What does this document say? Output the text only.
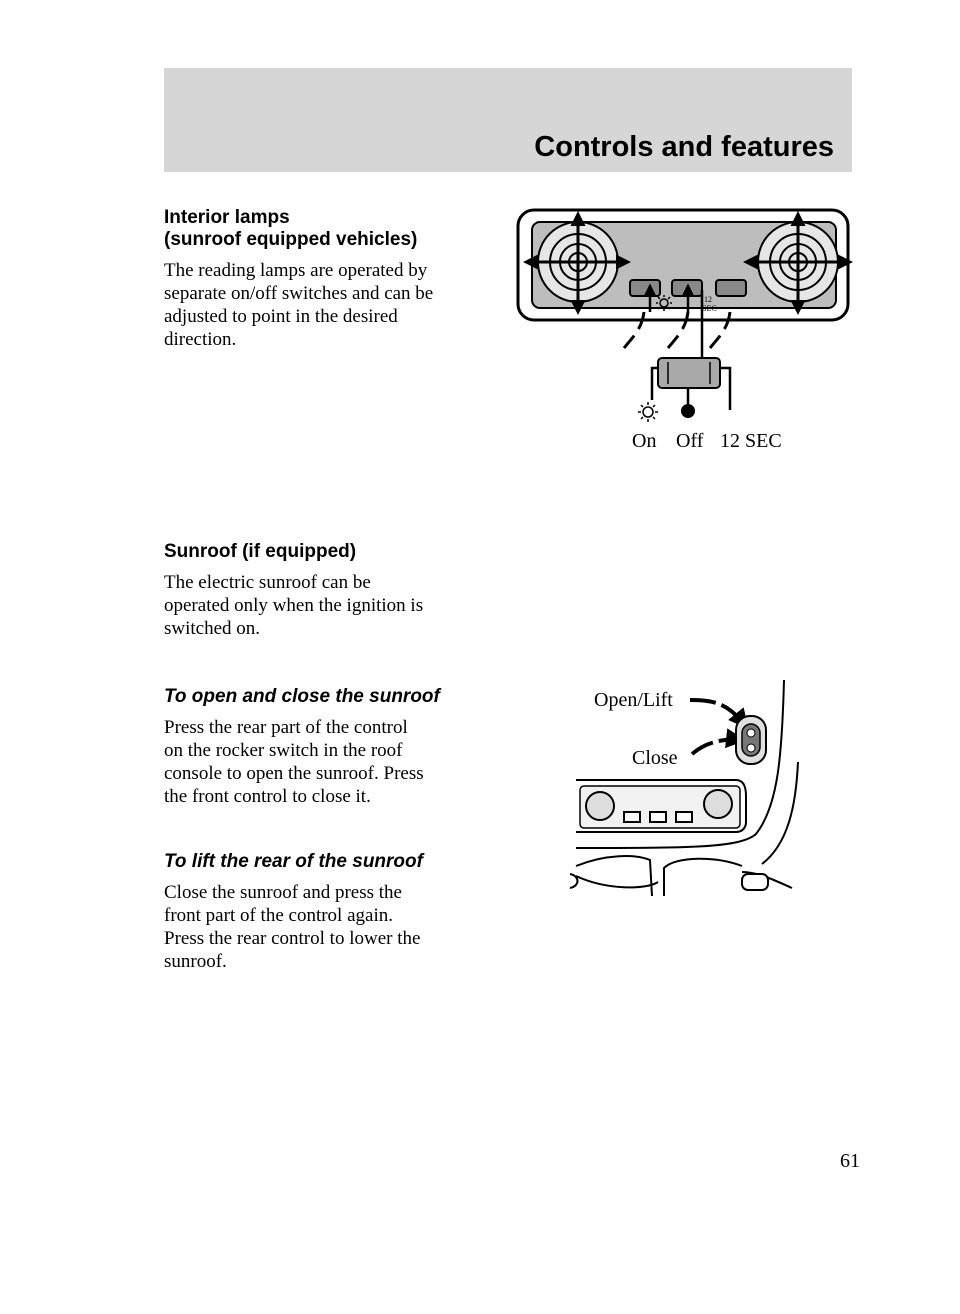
Controls and features
Interior lamps
(sunroof equipped vehicles)

The reading lamps are operated by
separate on/off switches and can be
adjusted to point in the desired
direction.

12 SEC
On Off 12 SEC
Sunroof (if equipped)

The electric sunroof can be
operated only when the ignition is
switched on.

To open and close the sunroof

Press the rear part of the control
on the rocker switch in the roof
console to open the sunroof. Press
the front control to close it.

To lift the rear of the sunroof

Close the sunroof and press the
front part of the control again.
Press the rear control to lower the
sunroof.

Open/Lift
Close
61
